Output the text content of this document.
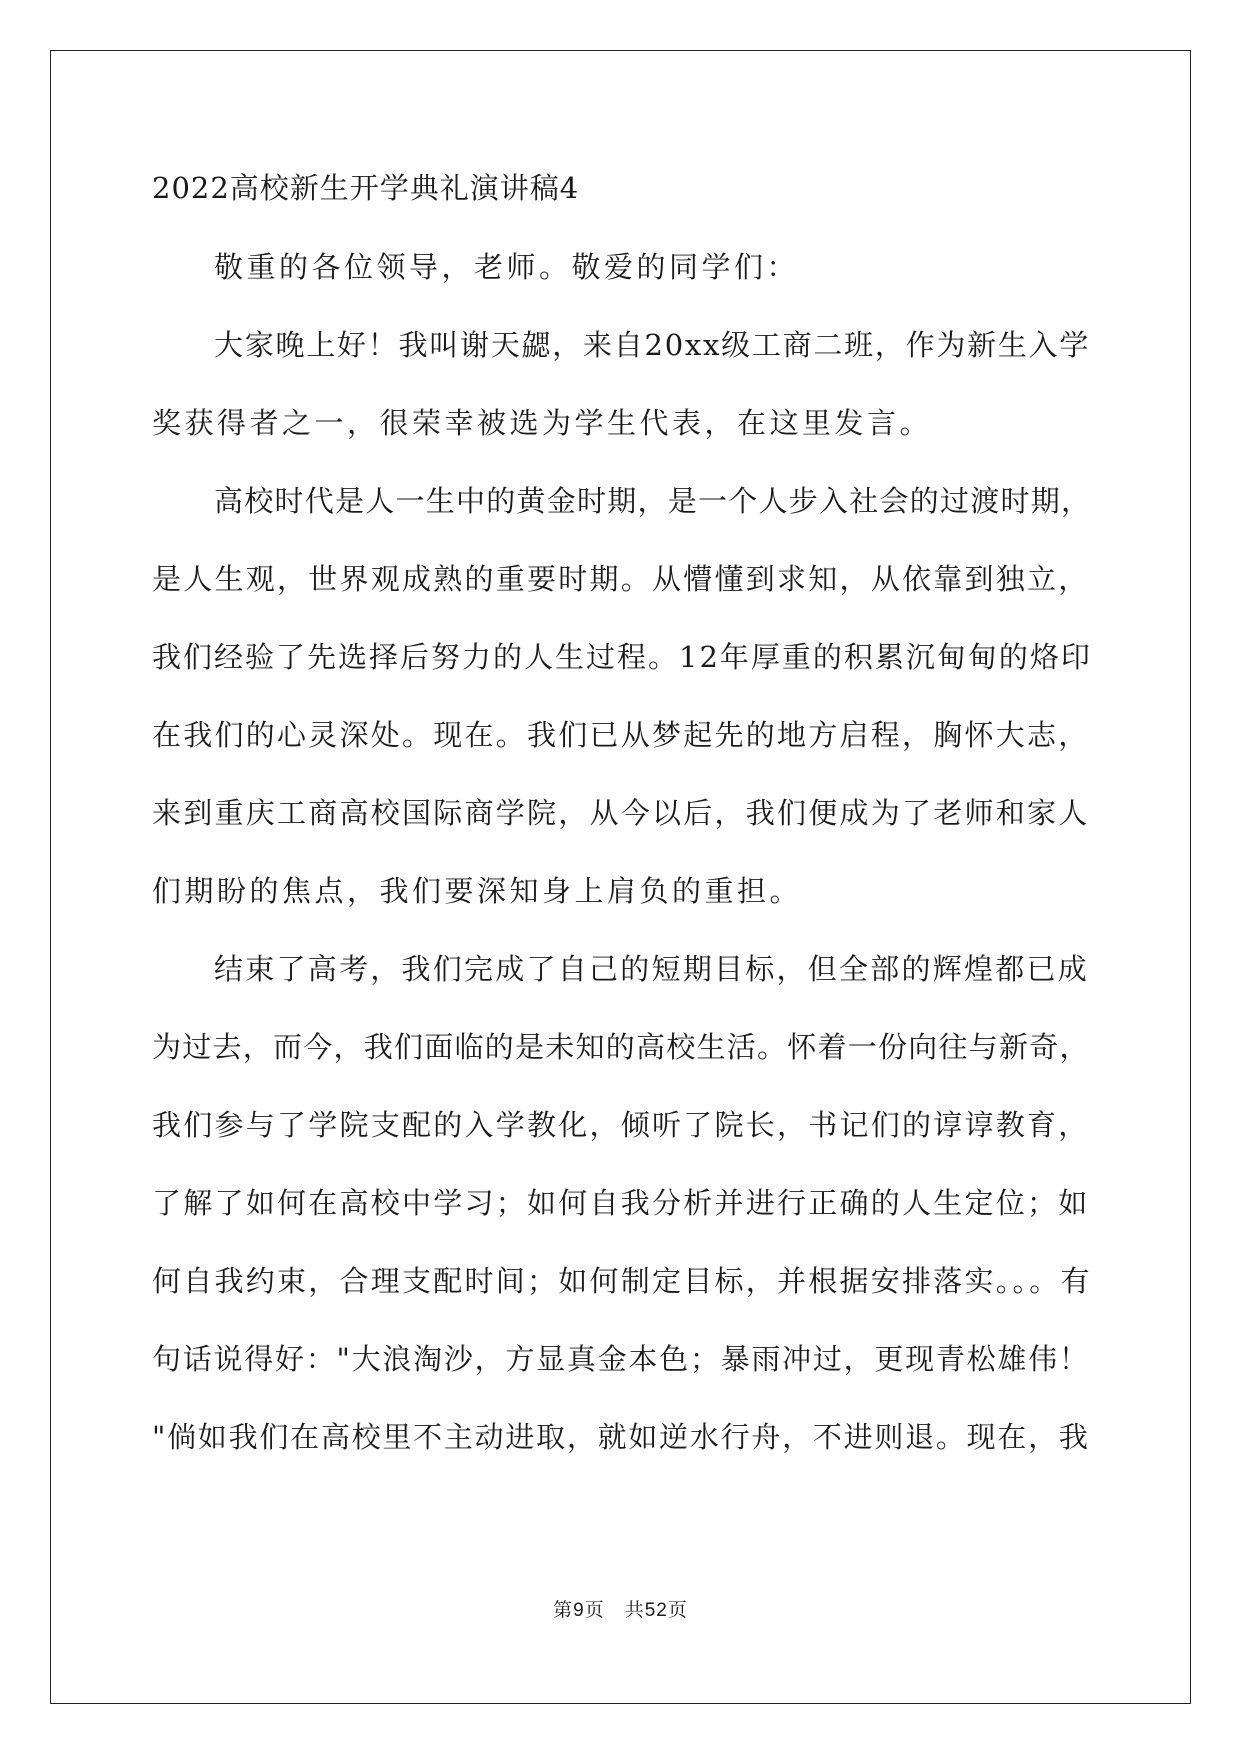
2022高校新生开学典礼演讲稿4

敬重的各位领导，老师。敬爱的同学们：

大家晚上好！我叫谢天勰，来自20xx级工商二班，作为新生入学

奖获得者之一，很荣幸被选为学生代表，在这里发言。

高校时代是人一生中的黄金时期，是一个人步入社会的过渡时期，

是人生观，世界观成熟的重要时期。从懵懂到求知，从依靠到独立，

我们经验了先选择后努力的人生过程。12年厚重的积累沉甸甸的烙印

在我们的心灵深处。现在。我们已从梦起先的地方启程，胸怀大志，

来到重庆工商高校国际商学院，从今以后，我们便成为了老师和家人

们期盼的焦点，我们要深知身上肩负的重担。

结束了高考，我们完成了自己的短期目标，但全部的辉煌都已成

为过去，而今，我们面临的是未知的高校生活。怀着一份向往与新奇，

我们参与了学院支配的入学教化，倾听了院长，书记们的谆谆教育，

了解了如何在高校中学习；如何自我分析并进行正确的人生定位；如

何自我约束，合理支配时间；如何制定目标，并根据安排落实。。。有

句话说得好："大浪淘沙，方显真金本色；暴雨冲过，更现青松雄伟！

"倘如我们在高校里不主动进取，就如逆水行舟，不进则退。现在，我

第9页　共52页
